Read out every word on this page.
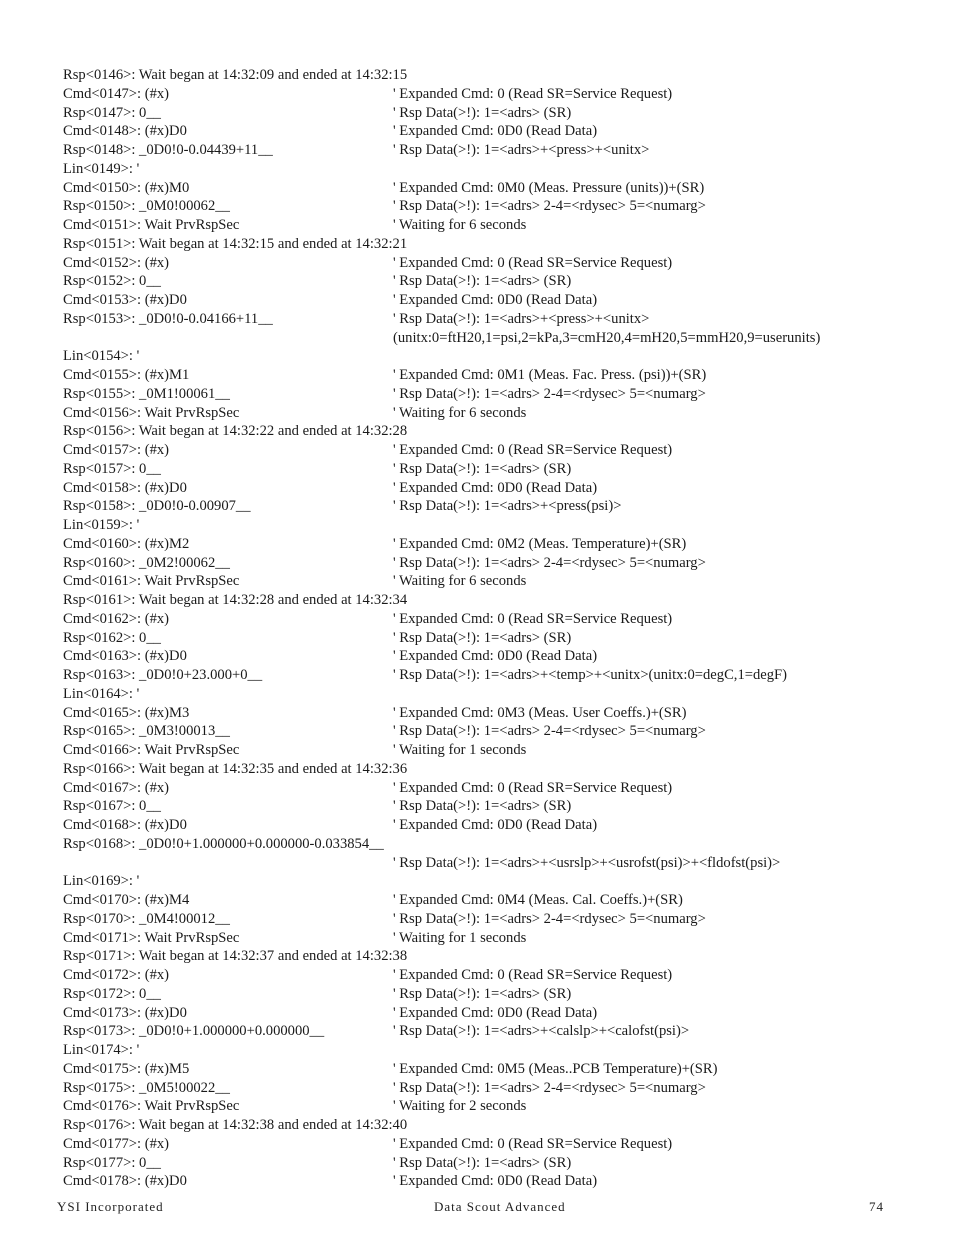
Rsp<0146>: Wait began at 14:32:09 and ended at 14:32:15
Cmd<0147>: (#x)	' Expanded Cmd: 0 (Read SR=Service Request)
Rsp<0147>: 0__	' Rsp Data(>!): 1=<adrs> (SR)
Cmd<0148>: (#x)D0	' Expanded Cmd: 0D0 (Read Data)
Rsp<0148>: _0D0!0-0.04439+11__	' Rsp Data(>!): 1=<adrs>+<press>+<unitx>
Lin<0149>: '
Cmd<0150>: (#x)M0	' Expanded Cmd: 0M0 (Meas. Pressure (units))+(SR)
Rsp<0150>: _0M0!00062__	' Rsp Data(>!): 1=<adrs> 2-4=<rdysec> 5=<numarg>
Cmd<0151>: Wait PrvRspSec	' Waiting for 6 seconds
Rsp<0151>: Wait began at 14:32:15 and ended at 14:32:21
Cmd<0152>: (#x)	' Expanded Cmd: 0 (Read SR=Service Request)
Rsp<0152>: 0__	' Rsp Data(>!): 1=<adrs> (SR)
Cmd<0153>: (#x)D0	' Expanded Cmd: 0D0 (Read Data)
Rsp<0153>: _0D0!0-0.04166+11__	' Rsp Data(>!): 1=<adrs>+<press>+<unitx>
(unitx:0=ftH20,1=psi,2=kPa,3=cmH20,4=mH20,5=mmH20,9=userunits)
Lin<0154>: '
Cmd<0155>: (#x)M1	' Expanded Cmd: 0M1 (Meas. Fac. Press. (psi))+(SR)
Rsp<0155>: _0M1!00061__	' Rsp Data(>!): 1=<adrs> 2-4=<rdysec> 5=<numarg>
Cmd<0156>: Wait PrvRspSec	' Waiting for 6 seconds
Rsp<0156>: Wait began at 14:32:22 and ended at 14:32:28
Cmd<0157>: (#x)	' Expanded Cmd: 0 (Read SR=Service Request)
Rsp<0157>: 0__	' Rsp Data(>!): 1=<adrs> (SR)
Cmd<0158>: (#x)D0	' Expanded Cmd: 0D0 (Read Data)
Rsp<0158>: _0D0!0-0.00907__	' Rsp Data(>!): 1=<adrs>+<press(psi)>
Lin<0159>: '
Cmd<0160>: (#x)M2	' Expanded Cmd: 0M2 (Meas. Temperature)+(SR)
Rsp<0160>: _0M2!00062__	' Rsp Data(>!): 1=<adrs> 2-4=<rdysec> 5=<numarg>
Cmd<0161>: Wait PrvRspSec	' Waiting for 6 seconds
Rsp<0161>: Wait began at 14:32:28 and ended at 14:32:34
Cmd<0162>: (#x)	' Expanded Cmd: 0 (Read SR=Service Request)
Rsp<0162>: 0__	' Rsp Data(>!): 1=<adrs> (SR)
Cmd<0163>: (#x)D0	' Expanded Cmd: 0D0 (Read Data)
Rsp<0163>: _0D0!0+23.000+0__	' Rsp Data(>!): 1=<adrs>+<temp>+<unitx>(unitx:0=degC,1=degF)
Lin<0164>: '
Cmd<0165>: (#x)M3	' Expanded Cmd: 0M3 (Meas. User Coeffs.)+(SR)
Rsp<0165>: _0M3!00013__	' Rsp Data(>!): 1=<adrs> 2-4=<rdysec> 5=<numarg>
Cmd<0166>: Wait PrvRspSec	' Waiting for 1 seconds
Rsp<0166>: Wait began at 14:32:35 and ended at 14:32:36
Cmd<0167>: (#x)	' Expanded Cmd: 0 (Read SR=Service Request)
Rsp<0167>: 0__	' Rsp Data(>!): 1=<adrs> (SR)
Cmd<0168>: (#x)D0	' Expanded Cmd: 0D0 (Read Data)
Rsp<0168>: _0D0!0+1.000000+0.000000-0.033854__
' Rsp Data(>!): 1=<adrs>+<usrslp>+<usrofst(psi)>+<fldofst(psi)>
Lin<0169>: '
Cmd<0170>: (#x)M4	' Expanded Cmd: 0M4 (Meas. Cal. Coeffs.)+(SR)
Rsp<0170>: _0M4!00012__	' Rsp Data(>!): 1=<adrs> 2-4=<rdysec> 5=<numarg>
Cmd<0171>: Wait PrvRspSec	' Waiting for 1 seconds
Rsp<0171>: Wait began at 14:32:37 and ended at 14:32:38
Cmd<0172>: (#x)	' Expanded Cmd: 0 (Read SR=Service Request)
Rsp<0172>: 0__	' Rsp Data(>!): 1=<adrs> (SR)
Cmd<0173>: (#x)D0	' Expanded Cmd: 0D0 (Read Data)
Rsp<0173>: _0D0!0+1.000000+0.000000__	' Rsp Data(>!): 1=<adrs>+<calslp>+<calofst(psi)>
Lin<0174>: '
Cmd<0175>: (#x)M5	' Expanded Cmd: 0M5 (Meas..PCB Temperature)+(SR)
Rsp<0175>: _0M5!00022__	' Rsp Data(>!): 1=<adrs> 2-4=<rdysec> 5=<numarg>
Cmd<0176>: Wait PrvRspSec	' Waiting for 2 seconds
Rsp<0176>: Wait began at 14:32:38 and ended at 14:32:40
Cmd<0177>: (#x)	' Expanded Cmd: 0 (Read SR=Service Request)
Rsp<0177>: 0__	' Rsp Data(>!): 1=<adrs> (SR)
Cmd<0178>: (#x)D0	' Expanded Cmd: 0D0 (Read Data)
YSI Incorporated	Data Scout Advanced	74
